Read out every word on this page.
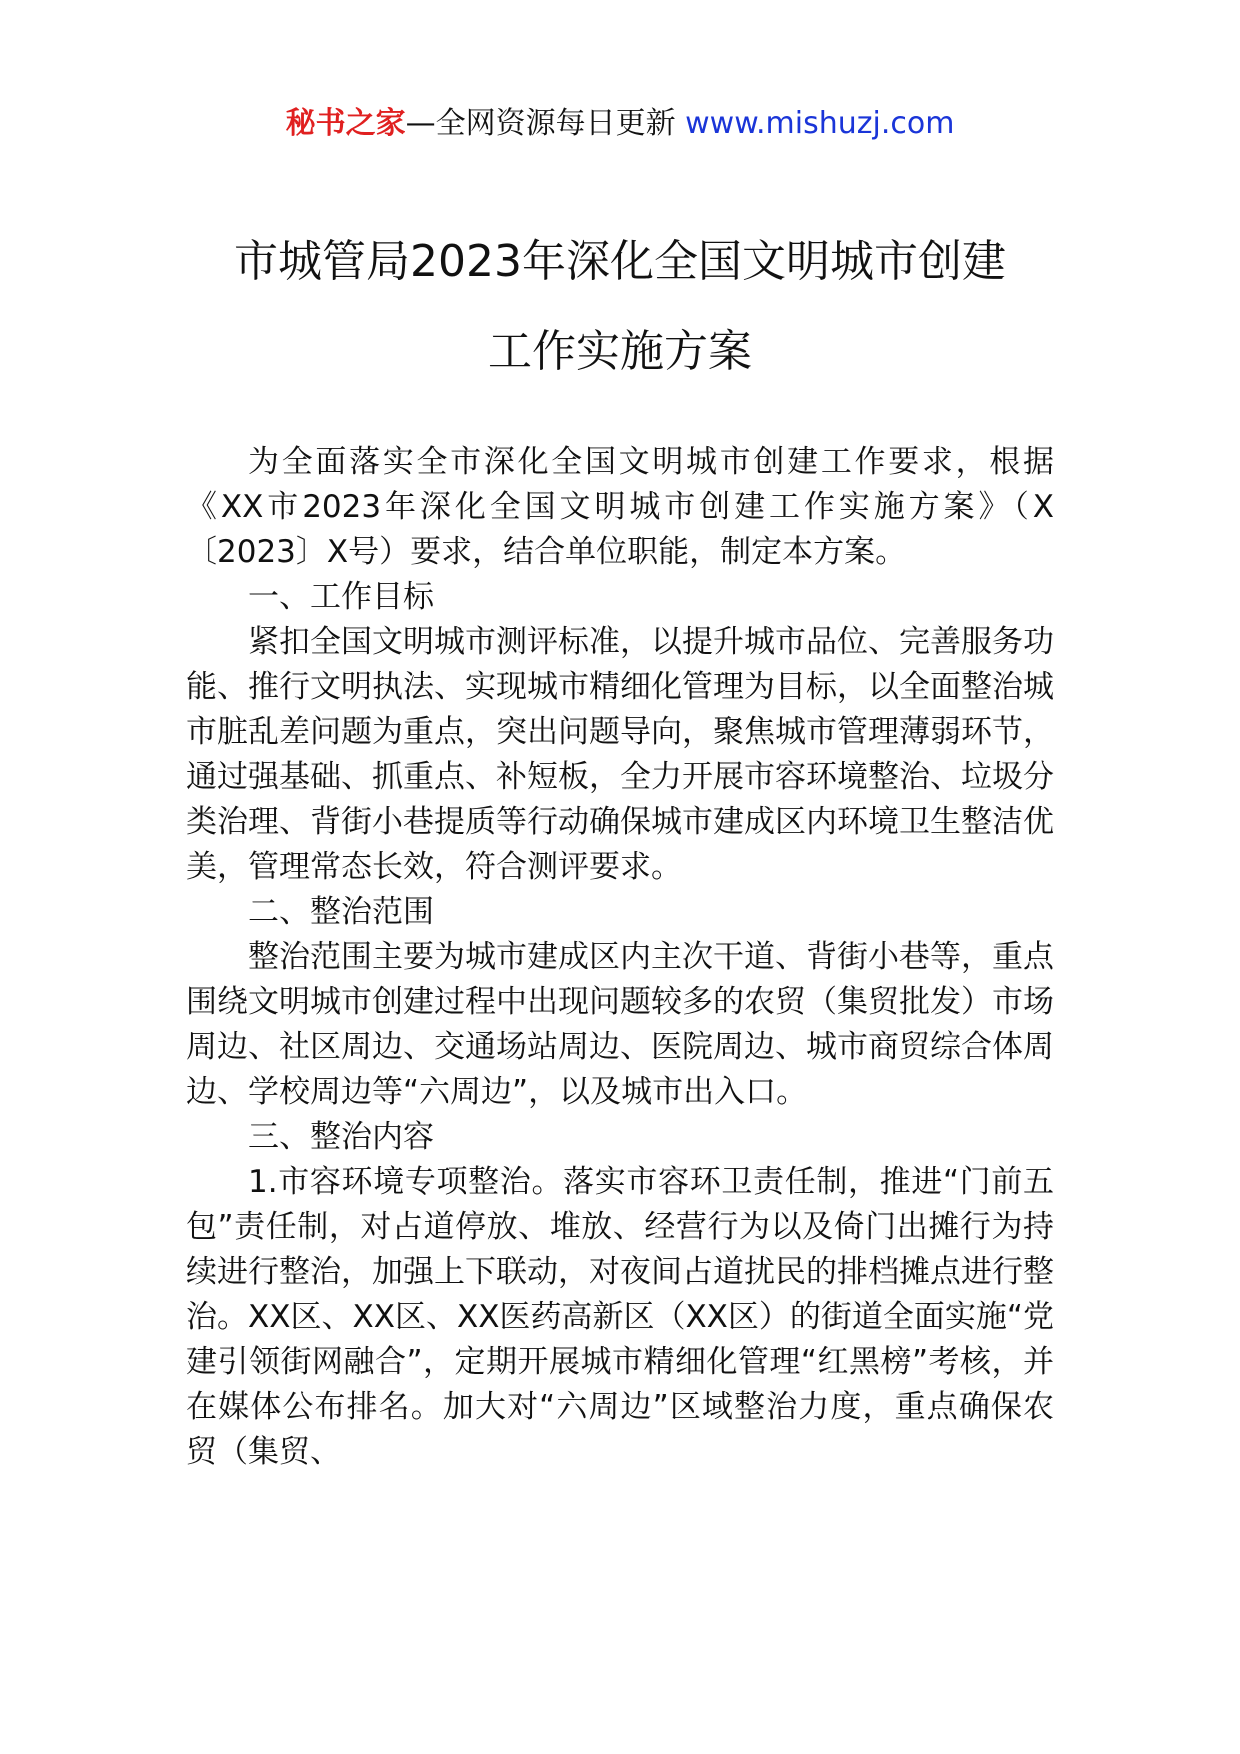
秘书之家—全网资源每日更新 www.mishuzj.com
市城管局2023年深化全国文明城市创建
工作实施方案

为全面落实全市深化全国文明城市创建工作要求，根据《XX市2023年深化全国文明城市创建工作实施方案》（X〔2023〕X号）要求，结合单位职能，制定本方案。

一、工作目标

紧扣全国文明城市测评标准，以提升城市品位、完善服务功能、推行文明执法、实现城市精细化管理为目标，以全面整治城市脏乱差问题为重点，突出问题导向，聚焦城市管理薄弱环节，通过强基础、抓重点、补短板，全力开展市容环境整治、垃圾分类治理、背街小巷提质等行动确保城市建成区内环境卫生整洁优美，管理常态长效，符合测评要求。

二、整治范围

整治范围主要为城市建成区内主次干道、背街小巷等，重点围绕文明城市创建过程中出现问题较多的农贸（集贸批发）市场周边、社区周边、交通场站周边、医院周边、城市商贸综合体周边、学校周边等“六周边”，以及城市出入口。

三、整治内容

1.市容环境专项整治。落实市容环卫责任制，推进“门前五包”责任制，对占道停放、堆放、经营行为以及倚门出摊行为持续进行整治，加强上下联动，对夜间占道扰民的排档摊点进行整治。XX区、XX区、XX医药高新区（XX区）的街道全面实施“党建引领街网融合”，定期开展城市精细化管理“红黑榜”考核，并在媒体公布排名。加大对“六周边”区域整治力度，重点确保农贸（集贸、
